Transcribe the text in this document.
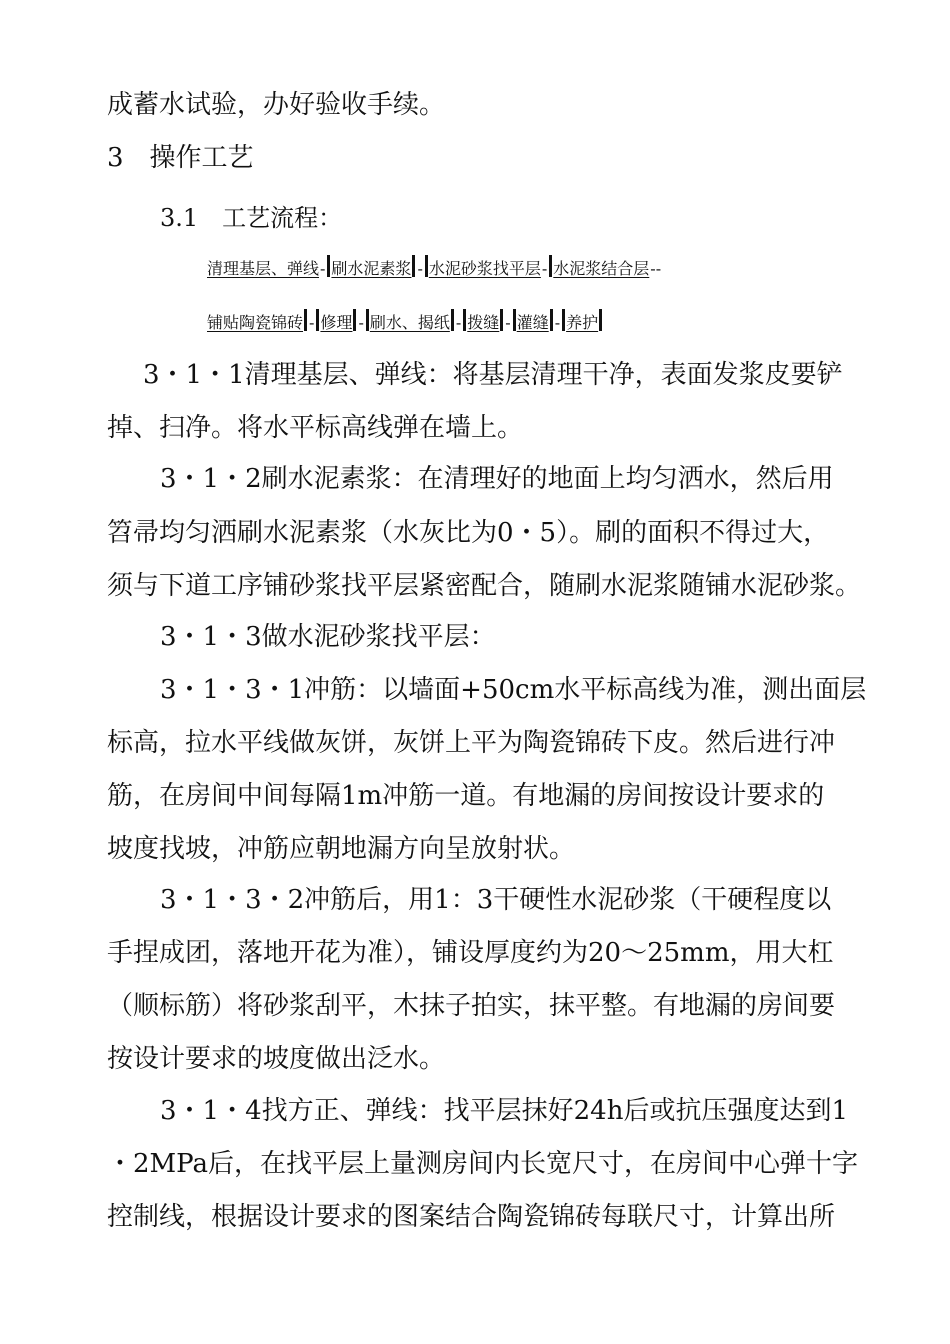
成蓄水试验，办好验收手续。
3　操作工艺
3.1　工艺流程：
清理基层、弹线 - 刷水泥素浆 - 水泥砂浆找平层 - 水泥浆结合层 --
铺贴陶瓷锦砖 - 修理 - 刷水、揭纸 - 拨缝 - 灌缝 - 养护
3・1・1清理基层、弹线：将基层清理干净，表面发浆皮要铲
掉、扫净。将水平标高线弹在墙上。
3・1・2刷水泥素浆：在清理好的地面上均匀洒水，然后用
笤帚均匀洒刷水泥素浆（水灰比为0・5）。刷的面积不得过大，
须与下道工序铺砂浆找平层紧密配合，随刷水泥浆随铺水泥砂浆。
3・1・3做水泥砂浆找平层：
3・1・3・1冲筋：以墙面+50cm水平标高线为准，测出面层
标高，拉水平线做灰饼，灰饼上平为陶瓷锦砖下皮。然后进行冲
筋，在房间中间每隔1m冲筋一道。有地漏的房间按设计要求的
坡度找坡，冲筋应朝地漏方向呈放射状。
3・1・3・2冲筋后，用1：3干硬性水泥砂浆（干硬程度以
手捏成团，落地开花为准），铺设厚度约为20～25mm，用大杠
（顺标筋）将砂浆刮平，木抹子拍实，抹平整。有地漏的房间要
按设计要求的坡度做出泛水。
3・1・4找方正、弹线：找平层抹好24h后或抗压强度达到1
・2MPa后，在找平层上量测房间内长宽尺寸，在房间中心弹十字
控制线，根据设计要求的图案结合陶瓷锦砖每联尺寸，计算出所
